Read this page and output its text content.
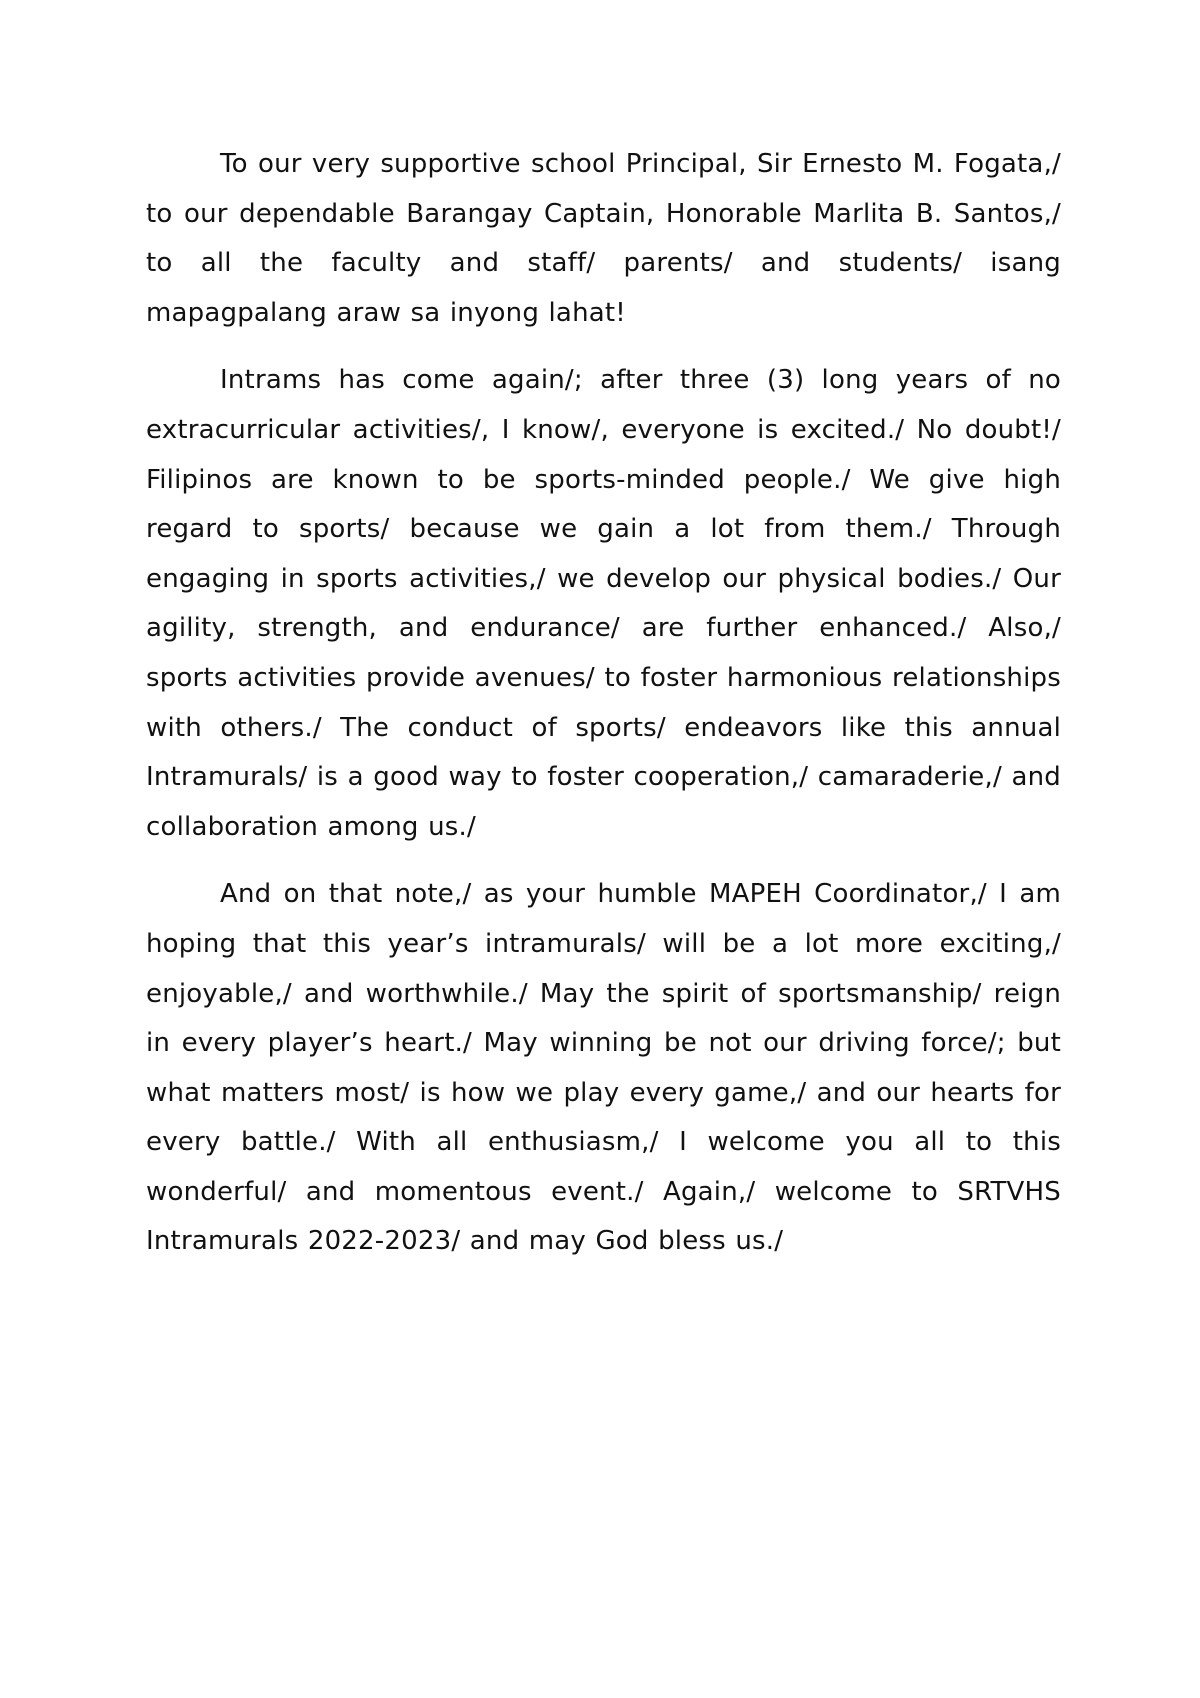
To our very supportive school Principal, Sir Ernesto M. Fogata,/ to our dependable Barangay Captain, Honorable Marlita B. Santos,/ to all the faculty and staff/ parents/ and students/ isang mapagpalang araw sa inyong lahat!

Intrams has come again/; after three (3) long years of no extracurricular activities/, I know/, everyone is excited./ No doubt!/ Filipinos are known to be sports-minded people./ We give high regard to sports/ because we gain a lot from them./ Through engaging in sports activities,/ we develop our physical bodies./ Our agility, strength, and endurance/ are further enhanced./ Also,/ sports activities provide avenues/ to foster harmonious relationships with others./ The conduct of sports/ endeavors like this annual Intramurals/ is a good way to foster cooperation,/ camaraderie,/ and collaboration among us./

And on that note,/ as your humble MAPEH Coordinator,/ I am hoping that this year’s intramurals/ will be a lot more exciting,/ enjoyable,/ and worthwhile./ May the spirit of sportsmanship/ reign in every player’s heart./ May winning be not our driving force/; but what matters most/ is how we play every game,/ and our hearts for every battle./ With all enthusiasm,/ I welcome you all to this wonderful/ and momentous event./ Again,/ welcome to SRTVHS Intramurals 2022-2023/ and may God bless us./
